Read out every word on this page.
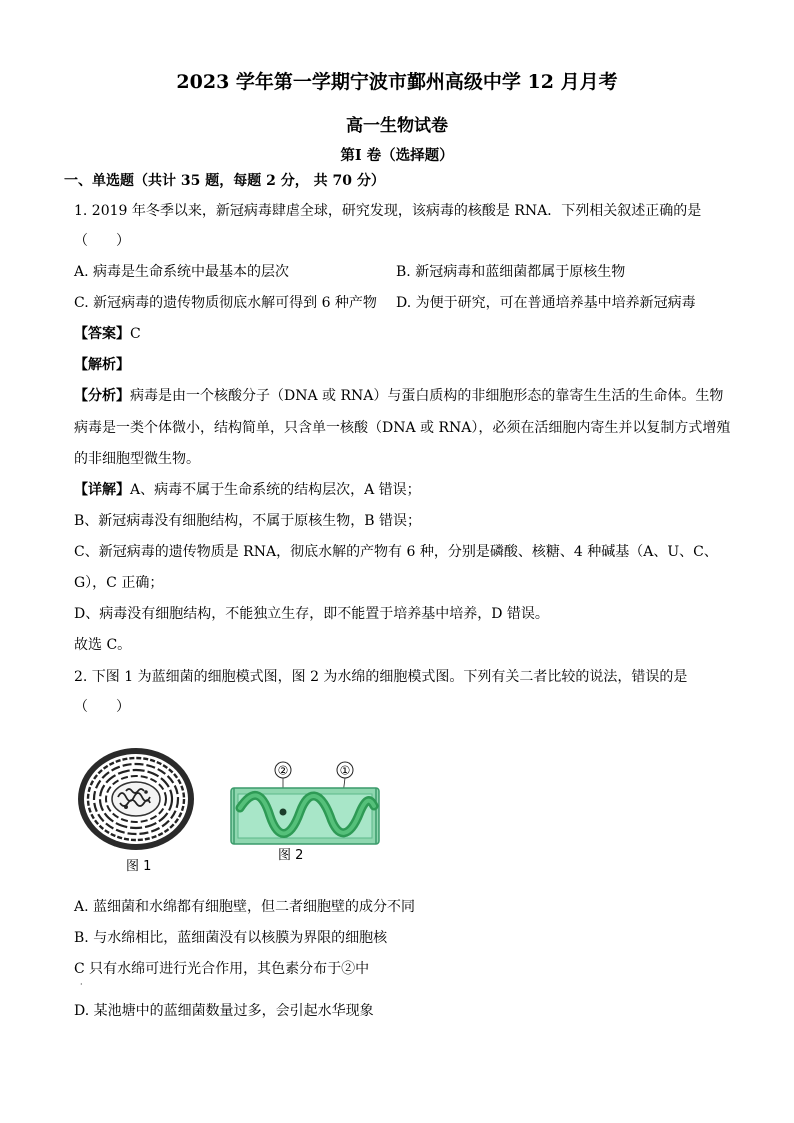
2023 学年第一学期宁波市鄞州高级中学 12 月月考
高一生物试卷
第Ⅰ 卷（选择题）
一、单选题（共计 35 题，每题 2 分， 共 70 分）
1. 2019 年冬季以来，新冠病毒肆虐全球，研究发现，该病毒的核酸是 RNA．下列相关叙述正确的是
（　　）
A. 病毒是生命系统中最基本的层次	B. 新冠病毒和蓝细菌都属于原核生物
C. 新冠病毒的遗传物质彻底水解可得到 6 种产物 D. 为便于研究，可在普通培养基中培养新冠病毒
【答案】C
【解析】
【分析】病毒是由一个核酸分子（DNA 或 RNA）与蛋白质构的非细胞形态的靠寄生生活的生命体。生物
病毒是一类个体微小，结构简单，只含单一核酸（DNA 或 RNA），必须在活细胞内寄生并以复制方式增殖
的非细胞型微生物。
【详解】A、病毒不属于生命系统的结构层次，A 错误；
B、新冠病毒没有细胞结构，不属于原核生物，B 错误；
C、新冠病毒的遗传物质是 RNA，彻底水解的产物有 6 种，分别是磷酸、核糖、4 种碱基（A、U、C、
G），C 正确；
D、病毒没有细胞结构，不能独立生存，即不能置于培养基中培养，D 错误。
故选 C。
2. 下图 1 为蓝细菌的细胞模式图，图 2 为水绵的细胞模式图。下列有关二者比较的说法，错误的是
（　　）
图 1
②	①
图 2
A. 蓝细菌和水绵都有细胞壁，但二者细胞壁的成分不同
B. 与水绵相比，蓝细菌没有以核膜为界限的细胞核
C 只有水绵可进行光合作用，其色素分布于②中
·
D. 某池塘中的蓝细菌数量过多，会引起水华现象
